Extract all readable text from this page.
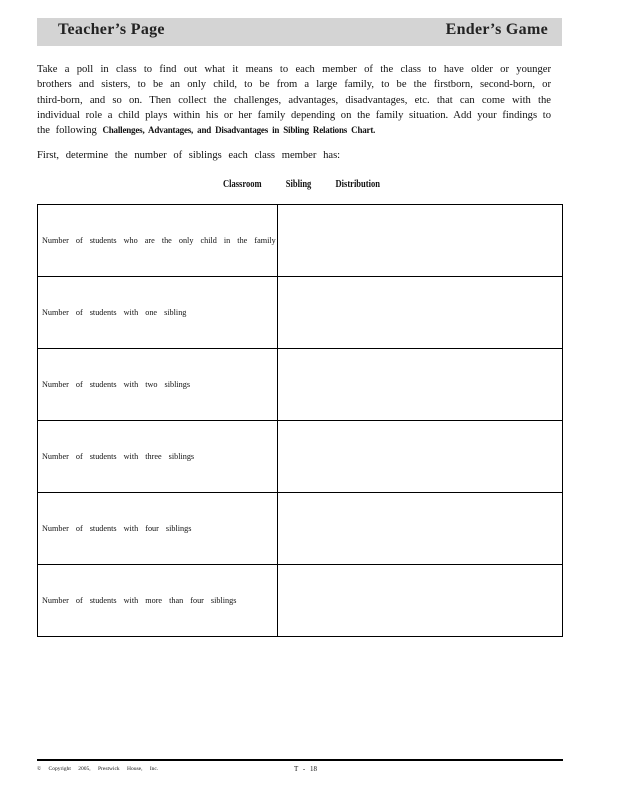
Teacher’s Page	Ender’s Game
Take a poll in class to find out what it means to each member of the class to have older or younger brothers and sisters, to be an only child, to be from a large family, to be the firstborn, second-born, or third-born, and so on. Then collect the challenges, advantages, disadvantages, etc. that can come with the individual role a child plays within his or her family depending on the family situation. Add your findings to the following Challenges, Advantages, and Disadvantages in Sibling Relations Chart.
First, determine the number of siblings each class member has:
Classroom Sibling Distribution
Number of students who are the only child in the family	
Number of students with one sibling	
Number of students with two siblings	
Number of students with three siblings	
Number of students with four siblings	
Number of students with more than four siblings	
© Copyright 2005, Prestwick House, Inc.	T - 18
